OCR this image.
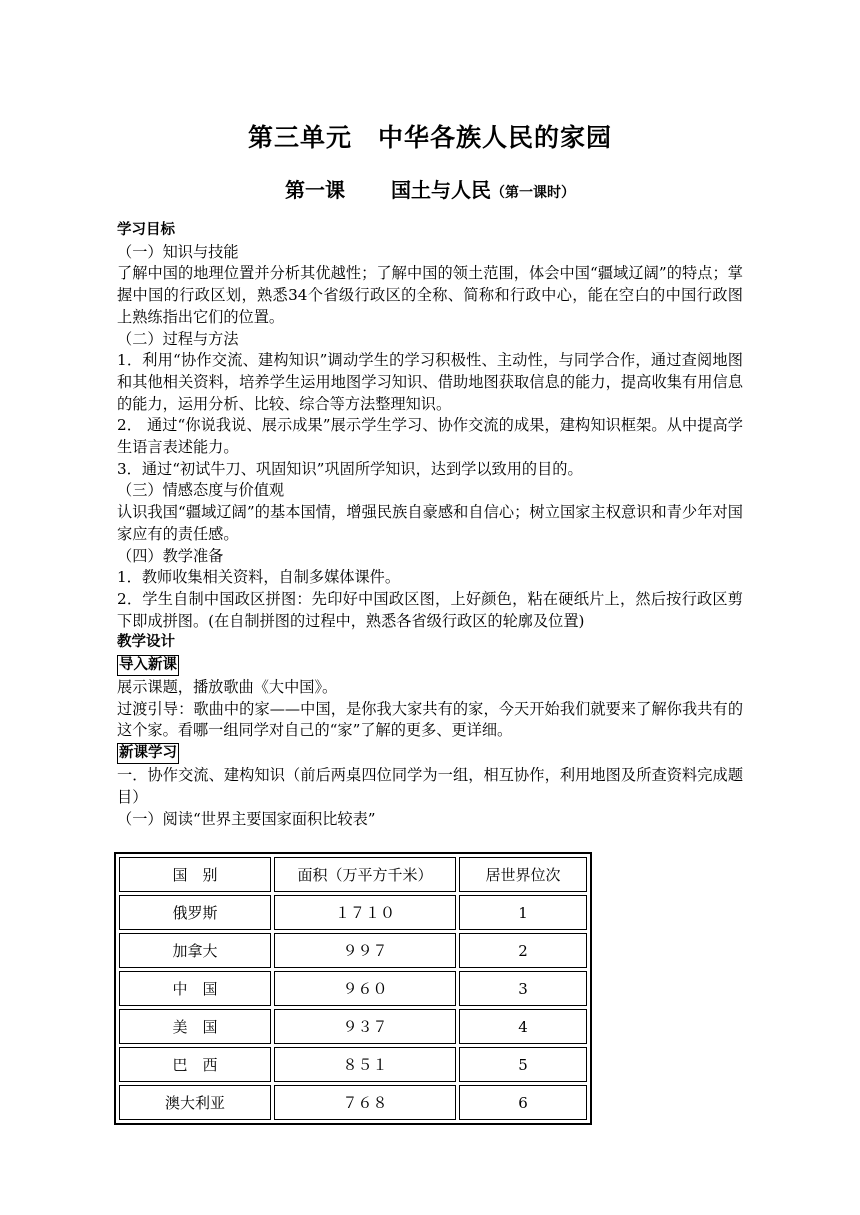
第三单元 中华各族人民的家园
第一课 国土与人民（第一课时）

学习目标

（一）知识与技能

了解中国的地理位置并分析其优越性；了解中国的领土范围，体会中国“疆域辽阔”的特点；掌握中国的行政区划，熟悉34个省级行政区的全称、简称和行政中心，能在空白的中国行政图上熟练指出它们的位置。

（二）过程与方法

1．利用“协作交流、建构知识”调动学生的学习积极性、主动性，与同学合作，通过查阅地图和其他相关资料，培养学生运用地图学习知识、借助地图获取信息的能力，提高收集有用信息的能力，运用分析、比较、综合等方法整理知识。

2． 通过“你说我说、展示成果”展示学生学习、协作交流的成果，建构知识框架。从中提高学生语言表述能力。

3．通过“初试牛刀、巩固知识”巩固所学知识，达到学以致用的目的。

（三）情感态度与价值观

认识我国“疆域辽阔”的基本国情，增强民族自豪感和自信心；树立国家主权意识和青少年对国家应有的责任感。

（四）教学准备

1．教师收集相关资料，自制多媒体课件。

2．学生自制中国政区拼图：先印好中国政区图，上好颜色，粘在硬纸片上，然后按行政区剪下即成拼图。(在自制拼图的过程中，熟悉各省级行政区的轮廓及位置)

教学设计

导入新课

展示课题，播放歌曲《大中国》。

过渡引导：歌曲中的家——中国，是你我大家共有的家，今天开始我们就要来了解你我共有的这个家。看哪一组同学对自己的“家”了解的更多、更详细。

新课学习

一．协作交流、建构知识（前后两桌四位同学为一组，相互协作，利用地图及所查资料完成题目）

（一）阅读“世界主要国家面积比较表”

国　别	面积（万平方千米）	居世界位次
俄罗斯	１７１０	1
加拿大	９９７	2
中　国	９６０	3
美　国	９３７	4
巴　西	８５１	5
澳大利亚	７６８	6
